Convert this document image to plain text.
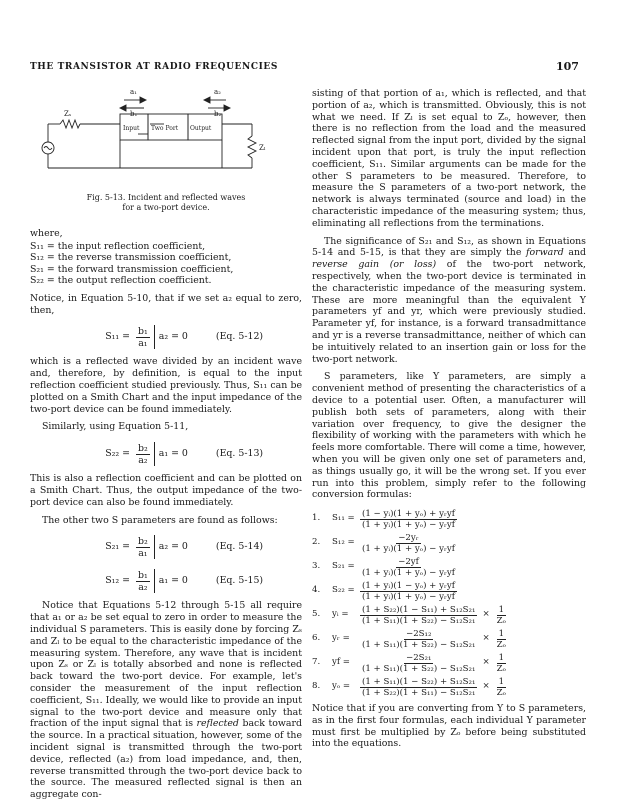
THE TRANSISTOR AT RADIO FREQUENCIES	107
a₁	a₂
b₁	b₂
Zₛ
Zₗ
Input Two Port Output
Fig. 5-13. Incident and reflected waves
for a two-port device.
where,
S₁₁ = the input reflection coefficient,
S₁₂ = the reverse transmission coefficient,
S₂₁ = the forward transmission coefficient,
S₂₂ = the output reflection coefficient.

Notice, in Equation 5-10, that if we set a₂ equal to zero, then,

$S_{11} = \frac{\text{b₁}}{\text{a₁}} a_2 = 0$	(Eq. 5-12)

which is a reflected wave divided by an incident wave and, therefore, by definition, is equal to the input reflection coefficient studied previously. Thus, S₁₁ can be plotted on a Smith Chart and the input impedance of the two-port device can be found immediately.

Similarly, using Equation 5-11,

$S_{22} = \frac{\text{b₂}}{\text{a₂}} a_1 = 0$	(Eq. 5-13)

This is also a reflection coefficient and can be plotted on a Smith Chart. Thus, the output impedance of the two-port device can also be found immediately.

The other two S parameters are found as follows:

$S_{21} = \frac{\text{b₂}}{\text{a₁}} a_2 = 0$	(Eq. 5-14)
$S_{12} = \frac{\text{b₁}}{\text{a₂}} a_1 = 0$	(Eq. 5-15)

Notice that Equations 5-12 through 5-15 all require that a₁ or a₂ be set equal to zero in order to measure the individual S parameters. This is easily done by forcing Zₛ and Zₗ to be equal to the characteristic impedance of the measuring system. Therefore, any wave that is incident upon Zₛ or Zₗ is totally absorbed and none is reflected back toward the two-port device. For example, let's consider the measurement of the input reflection coefficient, S₁₁. Ideally, we would like to provide an input signal to the two-port device and measure only that fraction of the input signal that is reflected back toward the source. In a practical situation, however, some of the incident signal is transmitted through the two-port device, reflected (a₂) from load impedance, and, then, reverse transmitted through the two-port device back to the source. The measured reflected signal is then an aggregate con-

sisting of that portion of a₁, which is reflected, and that portion of a₂, which is transmitted. Obviously, this is not what we need. If Zₗ is set equal to Zₒ, however, then there is no reflection from the load and the measured reflected signal from the input port, divided by the signal incident upon that port, is truly the input reflection coefficient, S₁₁. Similar arguments can be made for the other S parameters to be measured. Therefore, to measure the S parameters of a two-port network, the network is always terminated (source and load) in the characteristic impedance of the measuring system; thus, eliminating all reflections from the terminations.

The significance of S₂₁ and S₁₂, as shown in Equations 5-14 and 5-15, is that they are simply the forward and reverse gain (or loss) of the two-port network, respectively, when the two-port device is terminated in the characteristic impedance of the measuring system. These are more meaningful than the equivalent Y parameters yf and yr, which were previously studied. Parameter yf, for instance, is a forward transadmittance and yr is a reverse transadmittance, neither of which can be intuitively related to an insertion gain or loss for the two-port network.

S parameters, like Y parameters, are simply a convenient method of presenting the characteristics of a device to a potential user. Often, a manufacturer will publish both sets of parameters, along with their variation over frequency, to give the designer the flexibility of working with the parameters with which he feels more comfortable. There will come a time, however, when you will be given only one set of parameters and, as things usually go, it will be the wrong set. If you ever run into this problem, simply refer to the following conversion formulas:

1.	$S_{11} = \frac{\text{(1 − yᵢ)(1 + yₒ) + yᵣyf}}{\text{(1 + yᵢ)(1 + yₒ) − yᵣyf}}$
2.	$S_{12} = \frac{\text{−2yᵣ}}{\text{(1 + yᵢ)(1 + yₒ) − yᵣyf}}$
3.	$S_{21} = \frac{-2yf}{\text{(1 + yᵢ)(1 + yₒ) − yᵣyf}}$
4.	$S_{22} = \frac{\text{(1 + yᵢ)(1 − yₒ) + yᵣyf}}{\text{(1 + yᵢ)(1 + yₒ) − yᵣyf}}$
5.	yᵢ =	$\frac{\text{(1 + S₂₂)(1 − S₁₁) + S₁₂S₂₁}}{\text{(1 + S₁₁)(1 + S₂₂) − S₁₂S₂₁}} \times \frac{1}{\text{Zₒ}}$
6.	yᵣ =	$\frac{\text{−2S₁₂}}{\text{(1 + S₁₁)(1 + S₂₂) − S₁₂S₂₁}} \times \frac{1}{\text{Zₒ}}$
7.	yf =	$\frac{\text{−2S₂₁}}{\text{(1 + S₁₁)(1 + S₂₂) − S₁₂S₂₁}} \times \frac{1}{\text{Zₒ}}$
8.	yₒ =	$\frac{\text{(1 + S₁₁)(1 − S₂₂) + S₁₂S₂₁}}{\text{(1 + S₂₂)(1 + S₁₁) − S₁₂S₂₁}} \times \frac{1}{\text{Zₒ}}$

Notice that if you are converting from Y to S parameters, as in the first four formulas, each individual Y parameter must first be multiplied by Zₒ before being substituted into the equations.
